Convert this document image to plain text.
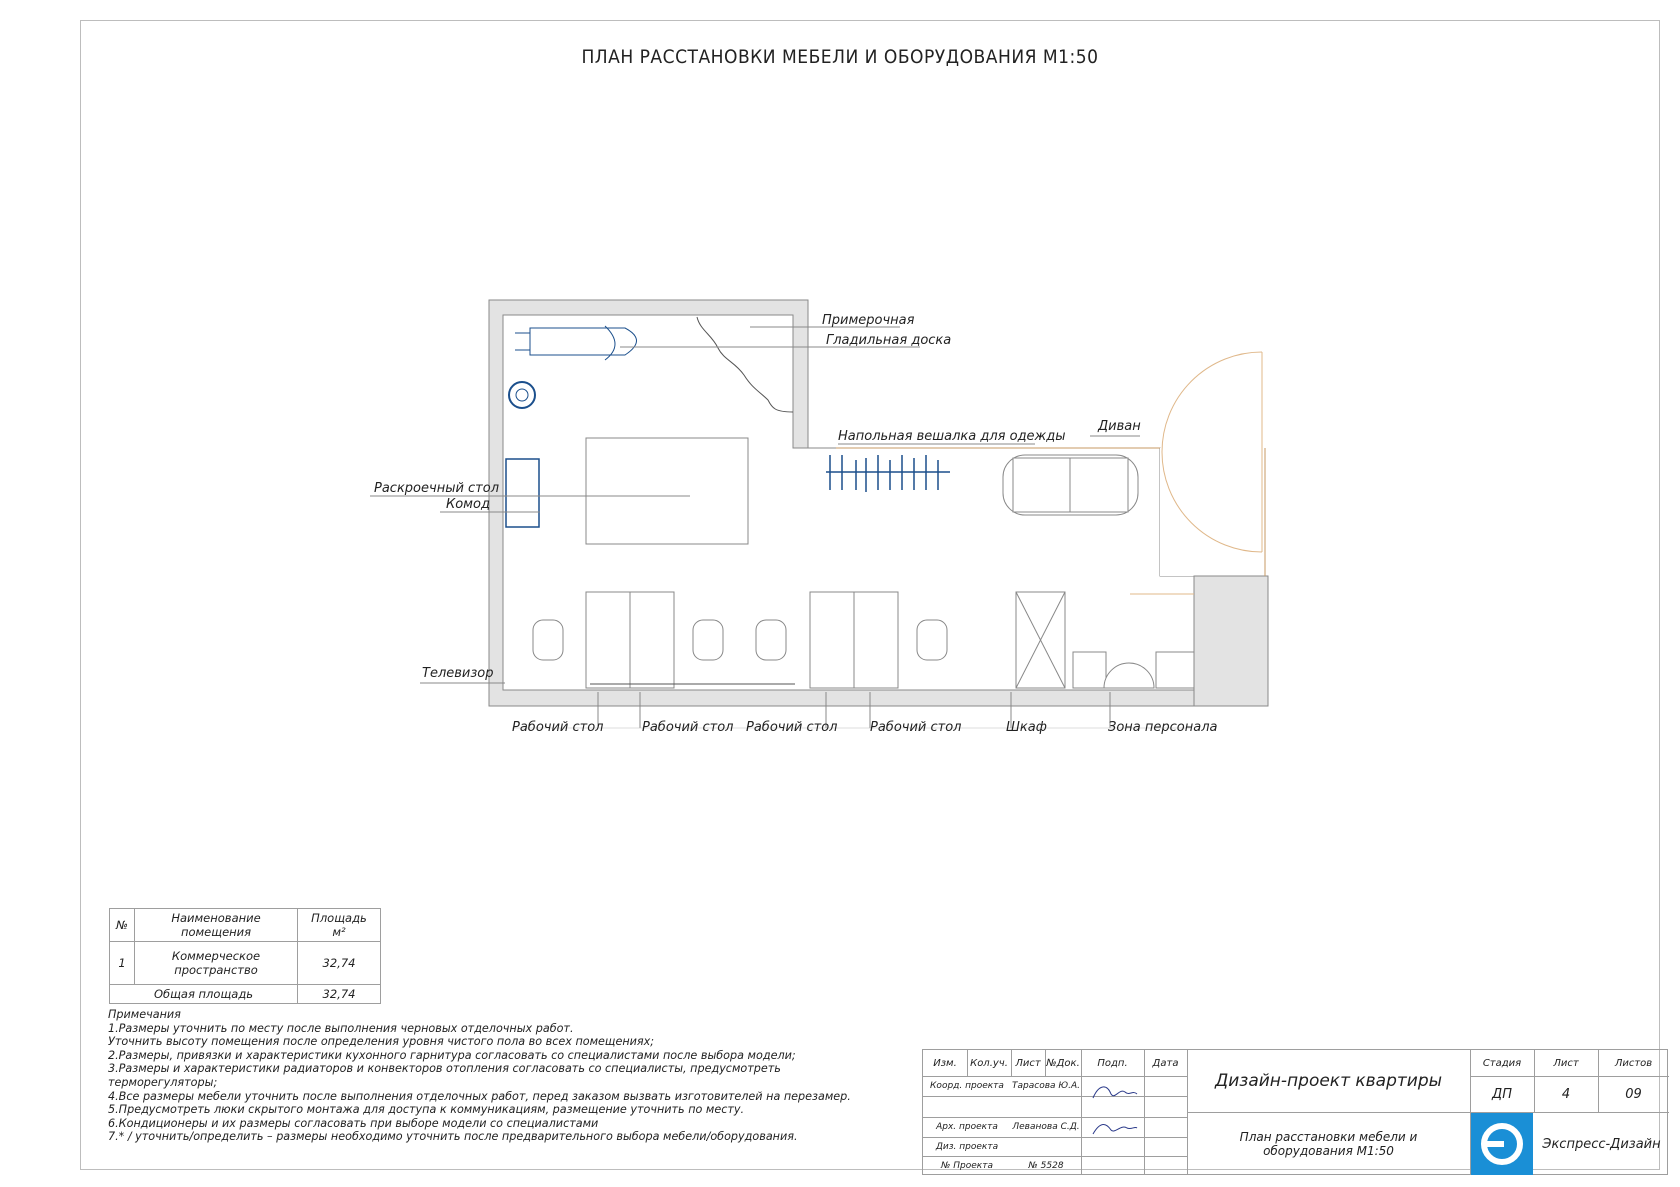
ПЛАН РАССТАНОВКИ МЕБЕЛИ И ОБОРУДОВАНИЯ М1:50
Примерочная
Гладильная доска
Напольная вешалка для одежды
Диван
Раскроечный стол
Комод
Телевизор
Рабочий стол	Рабочий стол Рабочий стол	Рабочий стол	Шкаф	Зона персонала
№	Наименование помещения	Площадь м²
1	Коммерческое пространство	32,74
Общая площадь		32,74
Примечания
1.Размеры уточнить по месту после выполнения черновых отделочных работ.
Уточнить высоту помещения после определения уровня чистого пола во всех помещениях;
2.Размеры, привязки и характеристики кухонного гарнитура согласовать со специалистами после выбора модели;
3.Размеры и характеристики радиаторов и конвекторов отопления согласовать со специалисты, предусмотреть
терморегуляторы;
4.Все размеры мебели уточнить после выполнения отделочных работ, перед заказом вызвать изготовителей на перезамер.
5.Предусмотреть люки скрытого монтажа для доступа к коммуникациям, размещение уточнить по месту.
6.Кондиционеры и их размеры согласовать при выборе модели со специалистами
7.* / уточнить/определить – размеры необходимо уточнить после предварительного выбора мебели/оборудования.
Изм.	Кол.уч. Лист №Док.	Подп.	Дата
Коорд. проекта Тарасова Ю.А.
Арх. проекта	Леванова С.Д.
Диз. проекта
№ Проекта	№ 5528
Дизайн-проект квартиры
План расстановки мебели и оборудования М1:50
Стадия	Лист	Листов
ДП	4	09
Экспресс-Дизайн
